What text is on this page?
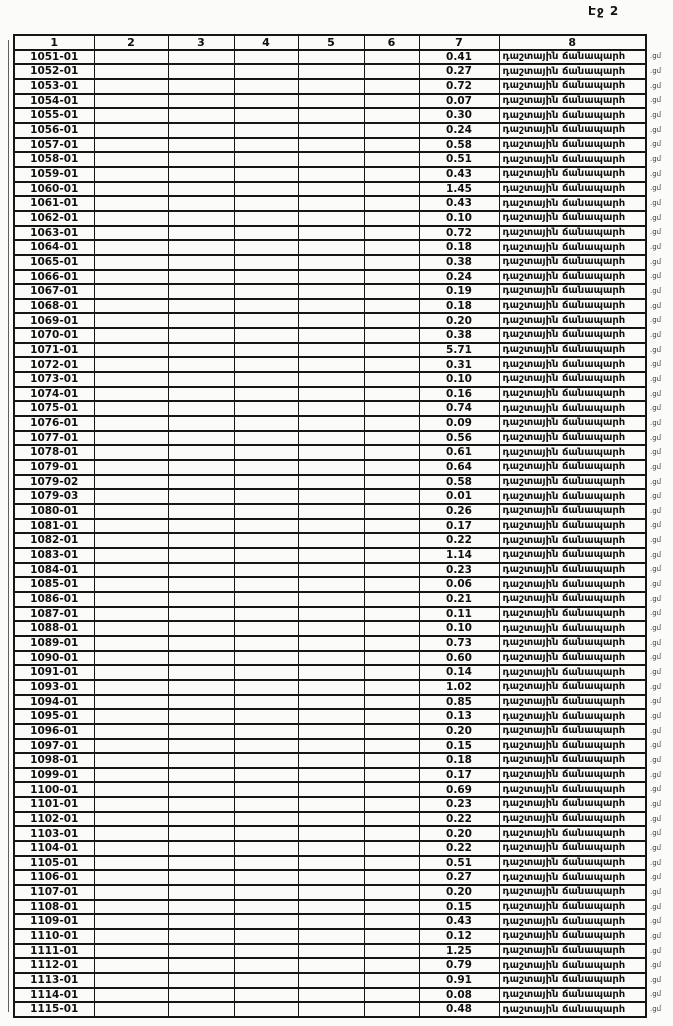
Էջ 2
1	2	3	4	5	6	7	8	
1051-01						0.41	դաշտային ճանապարհ	.ցմ
1052-01						0.27	դաշտային ճանապարհ	.ցմ
1053-01						0.72	դաշտային ճանապարհ	.ցմ
1054-01						0.07	դաշտային ճանապարհ	.ցմ
1055-01						0.30	դաշտային ճանապարհ	.ցմ
1056-01						0.24	դաշտային ճանապարհ	.ցմ
1057-01						0.58	դաշտային ճանապարհ	.ցմ
1058-01						0.51	դաշտային ճանապարհ	.ցմ
1059-01						0.43	դաշտային ճանապարհ	.ցմ
1060-01						1.45	դաշտային ճանապարհ	.ցմ
1061-01						0.43	դաշտային ճանապարհ	.ցմ
1062-01						0.10	դաշտային ճանապարհ	.ցմ
1063-01						0.72	դաշտային ճանապարհ	.ցմ
1064-01						0.18	դաշտային ճանապարհ	.ցմ
1065-01						0.38	դաշտային ճանապարհ	.ցմ
1066-01						0.24	դաշտային ճանապարհ	.ցմ
1067-01						0.19	դաշտային ճանապարհ	.ցմ
1068-01						0.18	դաշտային ճանապարհ	.ցմ
1069-01						0.20	դաշտային ճանապարհ	.ցմ
1070-01						0.38	դաշտային ճանապարհ	.ցմ
1071-01						5.71	դաշտային ճանապարհ	.ցմ
1072-01						0.31	դաշտային ճանապարհ	.ցմ
1073-01						0.10	դաշտային ճանապարհ	.ցմ
1074-01						0.16	դաշտային ճանապարհ	.ցմ
1075-01						0.74	դաշտային ճանապարհ	.ցմ
1076-01						0.09	դաշտային ճանապարհ	.ցմ
1077-01						0.56	դաշտային ճանապարհ	.ցմ
1078-01						0.61	դաշտային ճանապարհ	.ցմ
1079-01						0.64	դաշտային ճանապարհ	.ցմ
1079-02						0.58	դաշտային ճանապարհ	.ցմ
1079-03						0.01	դաշտային ճանապարհ	.ցմ
1080-01						0.26	դաշտային ճանապարհ	.ցմ
1081-01						0.17	դաշտային ճանապարհ	.ցմ
1082-01						0.22	դաշտային ճանապարհ	.ցմ
1083-01						1.14	դաշտային ճանապարհ	.ցմ
1084-01						0.23	դաշտային ճանապարհ	.ցմ
1085-01						0.06	դաշտային ճանապարհ	.ցմ
1086-01						0.21	դաշտային ճանապարհ	.ցմ
1087-01						0.11	դաշտային ճանապարհ	.ցմ
1088-01						0.10	դաշտային ճանապարհ	.ցմ
1089-01						0.73	դաշտային ճանապարհ	.ցմ
1090-01						0.60	դաշտային ճանապարհ	.ցմ
1091-01						0.14	դաշտային ճանապարհ	.ցմ
1093-01						1.02	դաշտային ճանապարհ	.ցմ
1094-01						0.85	դաշտային ճանապարհ	.ցմ
1095-01						0.13	դաշտային ճանապարհ	.ցմ
1096-01						0.20	դաշտային ճանապարհ	.ցմ
1097-01						0.15	դաշտային ճանապարհ	.ցմ
1098-01						0.18	դաշտային ճանապարհ	.ցմ
1099-01						0.17	դաշտային ճանապարհ	.ցմ
1100-01						0.69	դաշտային ճանապարհ	.ցմ
1101-01						0.23	դաշտային ճանապարհ	.ցմ
1102-01						0.22	դաշտային ճանապարհ	.ցմ
1103-01						0.20	դաշտային ճանապարհ	.ցմ
1104-01						0.22	դաշտային ճանապարհ	.ցմ
1105-01						0.51	դաշտային ճանապարհ	.ցմ
1106-01						0.27	դաշտային ճանապարհ	.ցմ
1107-01						0.20	դաշտային ճանապարհ	.ցմ
1108-01						0.15	դաշտային ճանապարհ	.ցմ
1109-01						0.43	դաշտային ճանապարհ	.ցմ
1110-01						0.12	դաշտային ճանապարհ	.ցմ
1111-01						1.25	դաշտային ճանապարհ	.ցմ
1112-01						0.79	դաշտային ճանապարհ	.ցմ
1113-01						0.91	դաշտային ճանապարհ	.ցմ
1114-01						0.08	դաշտային ճանապարհ	.ցմ
1115-01						0.48	դաշտային ճանապարհ	.ցմ
